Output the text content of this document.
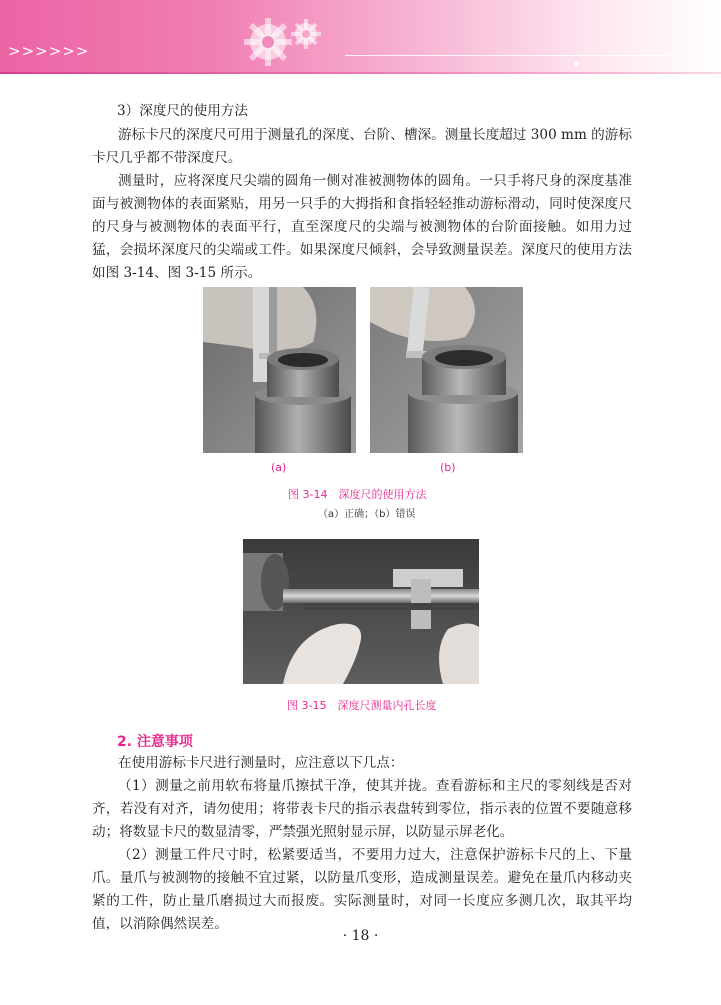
>>>>>>

3）深度尺的使用方法

游标卡尺的深度尺可用于测量孔的深度、台阶、槽深。测量长度超过 300 mm 的游标卡尺几乎都不带深度尺。

测量时，应将深度尺尖端的圆角一侧对准被测物体的圆角。一只手将尺身的深度基准面与被测物体的表面紧贴，用另一只手的大拇指和食指轻轻推动游标滑动，同时使深度尺的尺身与被测物体的表面平行，直至深度尺的尖端与被测物体的台阶面接触。如用力过猛，会损坏深度尺的尖端或工件。如果深度尺倾斜，会导致测量误差。深度尺的使用方法如图 3-14、图 3-15 所示。

(a)	(b)
图 3-14　深度尺的使用方法
（a）正确；（b）错误
图 3-15　深度尺测量内孔长度

2. 注意事项

在使用游标卡尺进行测量时，应注意以下几点：

（1）测量之前用软布将量爪擦拭干净，使其并拢。查看游标和主尺的零刻线是否对齐，若没有对齐，请勿使用；将带表卡尺的指示表盘转到零位，指示表的位置不要随意移动；将数显卡尺的数显清零，严禁强光照射显示屏，以防显示屏老化。

（2）测量工件尺寸时，松紧要适当，不要用力过大，注意保护游标卡尺的上、下量爪。量爪与被测物的接触不宜过紧，以防量爪变形，造成测量误差。避免在量爪内移动夹紧的工件，防止量爪磨损过大而报废。实际测量时，对同一长度应多测几次，取其平均值，以消除偶然误差。

· 18 ·
